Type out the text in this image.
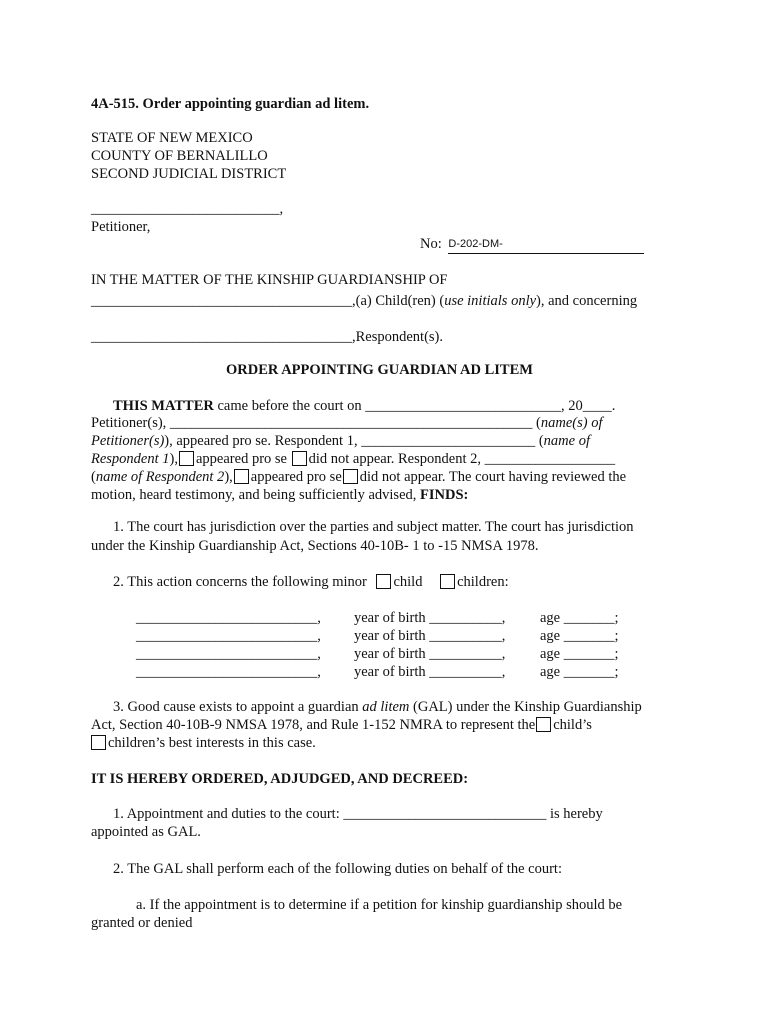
4A-515. Order appointing guardian ad litem.
STATE OF NEW MEXICO
COUNTY OF BERNALILLO
SECOND JUDICIAL DISTRICT
__________________________,
Petitioner,
No: D-202-DM-
IN THE MATTER OF THE KINSHIP GUARDIANSHIP OF
____________________________________,(a) Child(ren) (use initials only), and concerning
____________________________________,Respondent(s).
ORDER APPOINTING GUARDIAN AD LITEM
THIS MATTER came before the court on ___________________________, 20____.
Petitioner(s), __________________________________________________ (name(s) of
Petitioner(s)), appeared pro se. Respondent 1, ________________________ (name of
Respondent 1), appeared pro se did not appear. Respondent 2, __________________
(name of Respondent 2), appeared pro se did not appear. The court having reviewed the
motion, heard testimony, and being sufficiently advised, FINDS:
1. The court has jurisdiction over the parties and subject matter. The court has jurisdiction
under the Kinship Guardianship Act, Sections 40-10B- 1 to -15 NMSA 1978.
2. This action concerns the following minor child children:
_________________________, year of birth __________, age _______;
_________________________, year of birth __________, age _______;
_________________________, year of birth __________, age _______;
_________________________, year of birth __________, age _______;
3. Good cause exists to appoint a guardian ad litem (GAL) under the Kinship Guardianship
Act, Section 40-10B-9 NMSA 1978, and Rule 1-152 NMRA to represent the child’s
children’s best interests in this case.
IT IS HEREBY ORDERED, ADJUDGED, AND DECREED:
1. Appointment and duties to the court: ____________________________ is hereby
appointed as GAL.
2. The GAL shall perform each of the following duties on behalf of the court:
a. If the appointment is to determine if a petition for kinship guardianship should be
granted or denied
